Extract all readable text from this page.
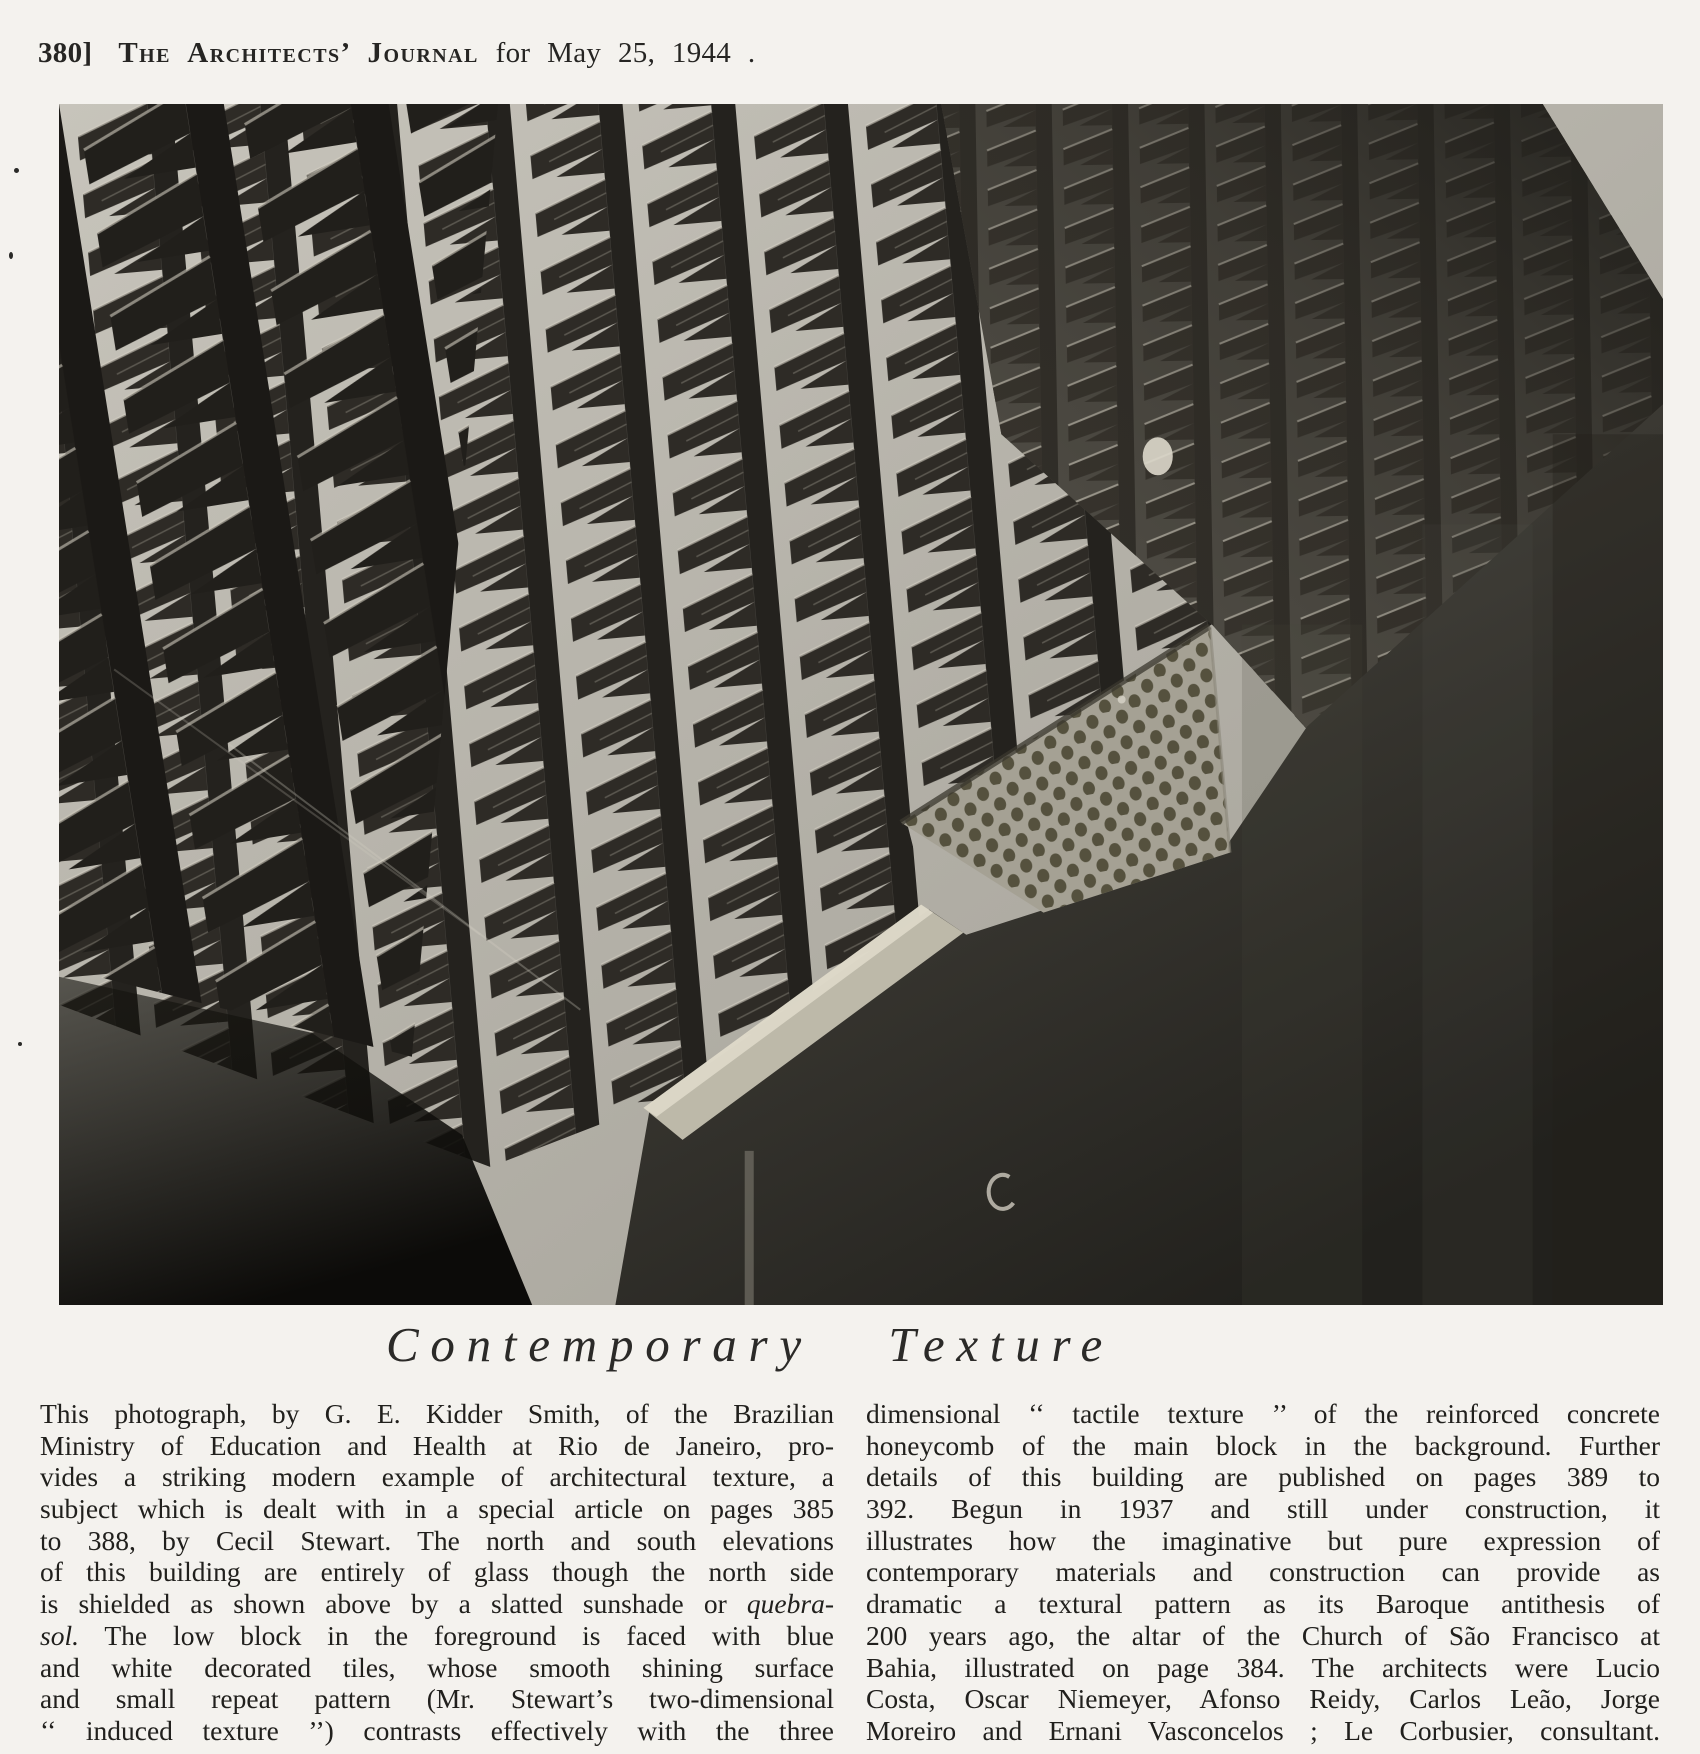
380] The Architects’ Journal for May 25, 1944 .
Contemporary Texture
This photograph, by G. E. Kidder Smith, of the Brazilian
Ministry of Education and Health at Rio de Janeiro, pro-
vides a striking modern example of architectural texture, a
subject which is dealt with in a special article on pages 385
to 388, by Cecil Stewart. The north and south elevations
of this building are entirely of glass though the north side
is shielded as shown above by a slatted sunshade or quebra-
sol. The low block in the foreground is faced with blue
and white decorated tiles, whose smooth shining surface
and small repeat pattern (Mr. Stewart’s two-dimensional
‘‘ induced texture ’’) contrasts effectively with the three
dimensional ‘‘ tactile texture ’’ of the reinforced concrete
honeycomb of the main block in the background. Further
details of this building are published on pages 389 to
392. Begun in 1937 and still under construction, it
illustrates how the imaginative but pure expression of
contemporary materials and construction can provide as
dramatic a textural pattern as its Baroque antithesis of
200 years ago, the altar of the Church of São Francisco at
Bahia, illustrated on page 384. The architects were Lucio
Costa, Oscar Niemeyer, Afonso Reidy, Carlos Leão, Jorge
Moreiro and Ernani Vasconcelos ; Le Corbusier, consultant.
